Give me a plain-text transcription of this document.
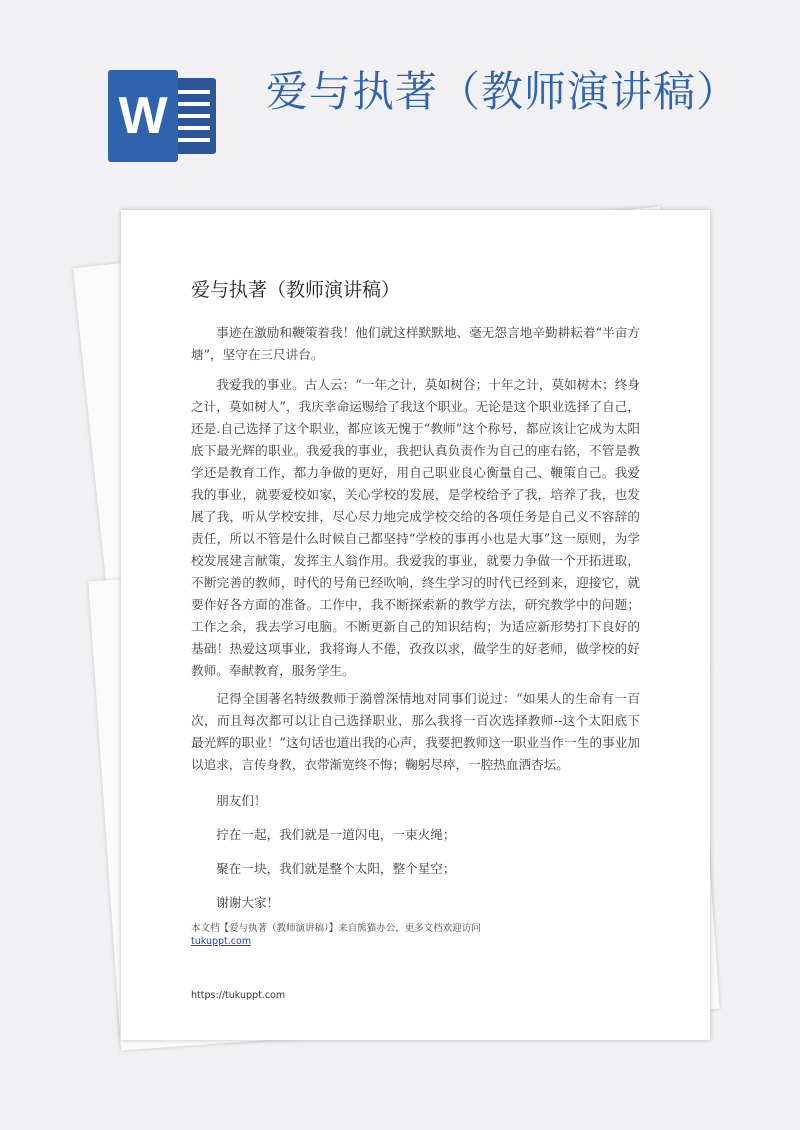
W 爱与执著（教师演讲稿）
爱与执著（教师演讲稿）

事迹在激励和鞭策着我！他们就这样默默地、毫无怨言地辛勤耕耘着“半亩方塘”，坚守在三尺讲台。

我爱我的事业。古人云：“一年之计，莫如树谷；十年之计，莫如树木；终身之计，莫如树人”，我庆幸命运赐给了我这个职业。无论是这个职业选择了自己，还是.自己选择了这个职业，都应该无愧于“教师”这个称号，都应该让它成为太阳底下最光辉的职业。我爱我的事业，我把认真负责作为自己的座右铭，不管是教学还是教育工作，都力争做的更好，用自己职业良心衡量自己、鞭策自己。我爱我的事业，就要爱校如家，关心学校的发展，是学校给予了我，培养了我，也发展了我，听从学校安排，尽心尽力地完成学校交给的各项任务是自己义不容辞的责任，所以不管是什么时候自己都坚持“学校的事再小也是大事”这一原则，为学校发展建言献策，发挥主人翁作用。我爱我的事业，就要力争做一个开拓进取，不断完善的教师，时代的号角已经吹响，终生学习的时代已经到来，迎接它，就要作好各方面的准备。工作中，我不断探索新的教学方法，研究教学中的问题；工作之余，我去学习电脑。不断更新自己的知识结构；为适应新形势打下良好的基础！热爱这项事业，我将诲人不倦，孜孜以求，做学生的好老师，做学校的好教师。奉献教育，服务学生。

记得全国著名特级教师于漪曾深情地对同事们说过：“如果人的生命有一百次，而且每次都可以让自己选择职业，那么我将一百次选择教师--这个太阳底下最光辉的职业！”这句话也道出我的心声，我要把教师这一职业当作一生的事业加以追求，言传身教，衣带渐宽终不悔；鞠躬尽瘁，一腔热血洒杏坛。

朋友们！

拧在一起，我们就是一道闪电，一束火绳；

聚在一块，我们就是整个太阳，整个星空；

谢谢大家！

本文档【爱与执著（教师演讲稿）】来自熊猫办公，更多文档欢迎访问
tukuppt.com
https://tukuppt.com
